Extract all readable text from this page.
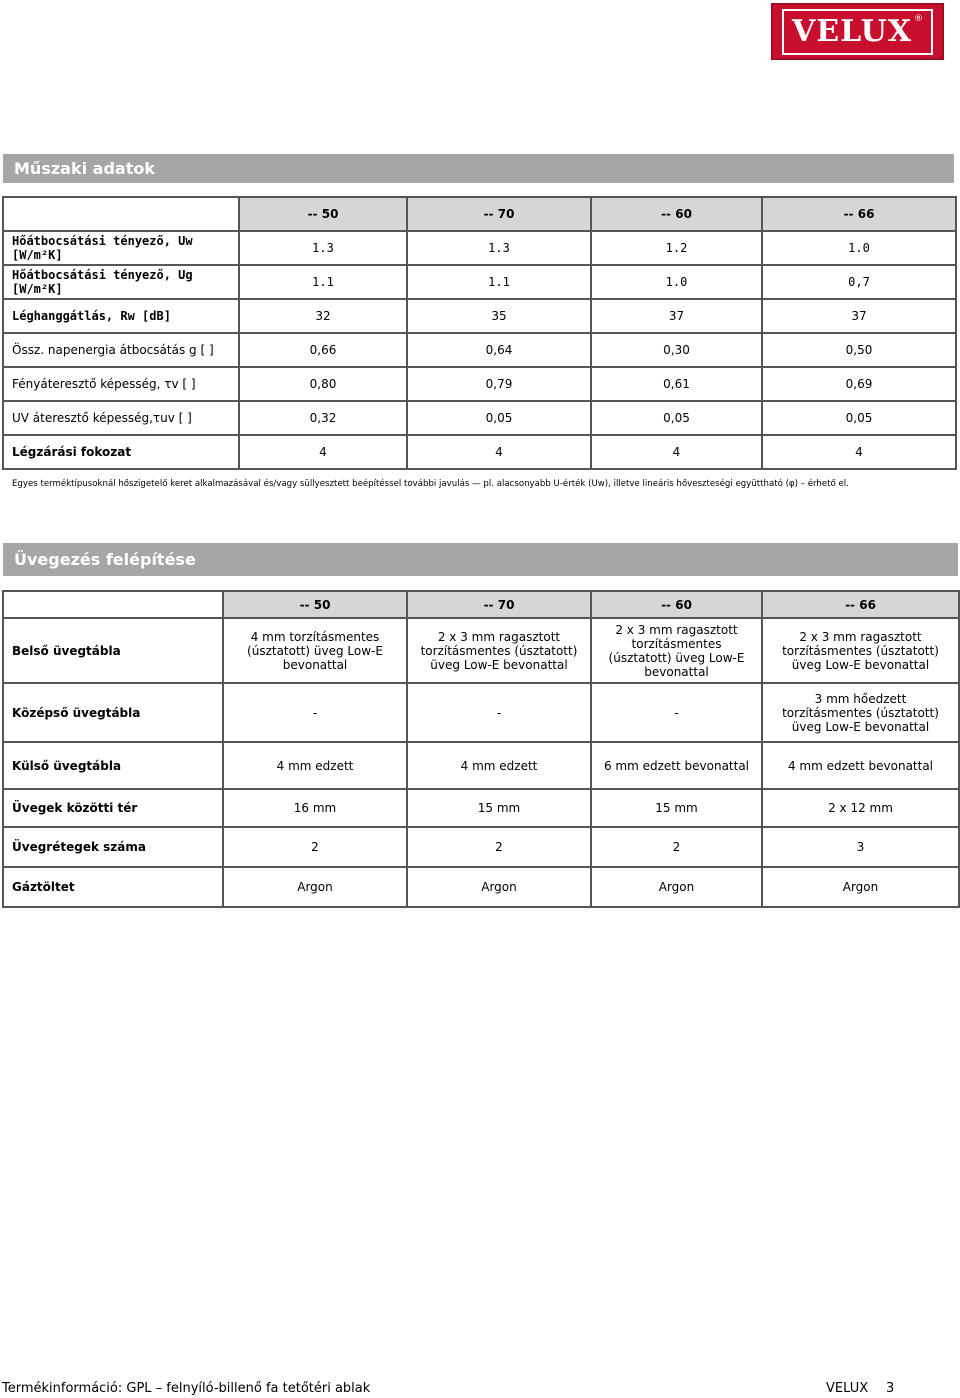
VELUX ®
Műszaki adatok
	-- 50	-- 70	-- 60	-- 66
Hőátbocsátási tényező, Uw [W/m²K]	1.3	1.3	1.2	1.0
Hőátbocsátási tényező, Ug [W/m²K]	1.1	1.1	1.0	0,7
Léghanggátlás, Rw [dB]	32	35	37	37
Össz. napenergia átbocsátás g [ ]	0,66	0,64	0,30	0,50
Fényáteresztő képesség, τv [ ]	0,80	0,79	0,61	0,69
UV áteresztő képesség,τuv [ ]	0,32	0,05	0,05	0,05
Légzárási fokozat	4	4	4	4
Egyes terméktípusoknál hőszigetelő keret alkalmazásával és/vagy süllyesztett beépítéssel további javulás — pl. alacsonyabb U-érték (Uw), illetve lineáris hőveszteségi együttható (φ) – érhető el.
Üvegezés felépítése
	-- 50	-- 70	-- 60	-- 66
Belső üvegtábla	4 mm torzításmentes (úsztatott) üveg Low-E bevonattal	2 x 3 mm ragasztott torzításmentes (úsztatott) üveg Low-E bevonattal	2 x 3 mm ragasztott torzításmentes (úsztatott) üveg Low-E bevonattal	2 x 3 mm ragasztott torzításmentes (úsztatott) üveg Low-E bevonattal
Középső üvegtábla	-	-	-	3 mm hőedzett torzításmentes (úsztatott) üveg Low-E bevonattal
Külső üvegtábla	4 mm edzett	4 mm edzett	6 mm edzett bevonattal	4 mm edzett bevonattal
Üvegek közötti tér	16 mm	15 mm	15 mm	2 x 12 mm
Üvegrétegek száma	2	2	2	3
Gáztöltet	Argon	Argon	Argon	Argon
Termékinformáció: GPL – felnyíló-billenő fa tetőtéri ablak	VELUX 3
